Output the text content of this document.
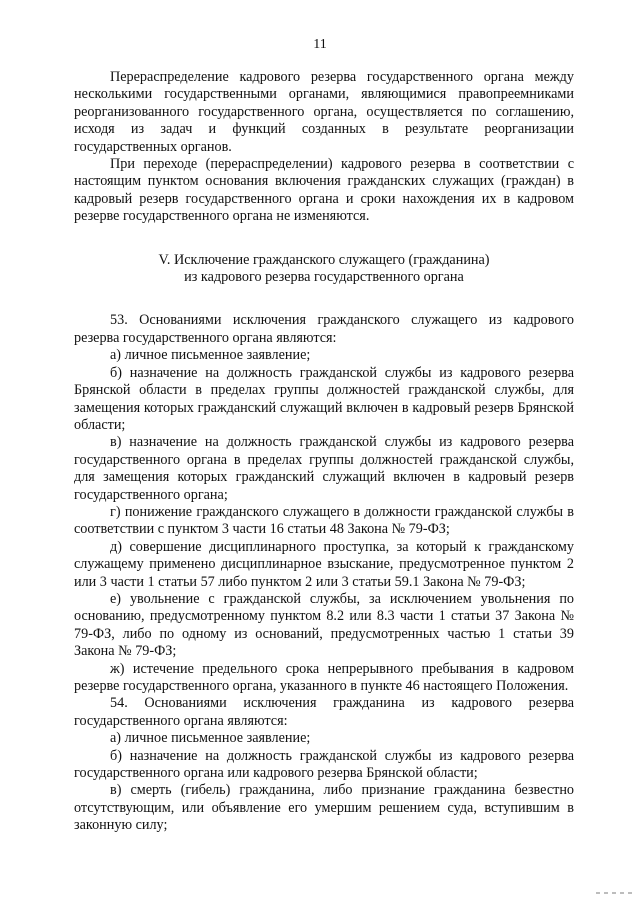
11

Перераспределение кадрового резерва государственного органа между несколькими государственными органами, являющимися правопреемниками реорганизованного государственного органа, осуществляется по соглашению, исходя из задач и функций созданных в результате реорганизации государственных органов.

При переходе (перераспределении) кадрового резерва в соответствии с настоящим пунктом основания включения гражданских служащих (граждан) в кадровый резерв государственного органа и сроки нахождения их в кадровом резерве государственного органа не изменяются.

V. Исключение гражданского служащего (гражданина)

из кадрового резерва государственного органа

53. Основаниями исключения гражданского служащего из кадрового резерва государственного органа являются:

а) личное письменное заявление;

б) назначение на должность гражданской службы из кадрового резерва Брянской области в пределах группы должностей гражданской службы, для замещения которых гражданский служащий включен в кадровый резерв Брянской области;

в) назначение на должность гражданской службы из кадрового резерва государственного органа в пределах группы должностей гражданской службы, для замещения которых гражданский служащий включен в кадровый резерв государственного органа;

г) понижение гражданского служащего в должности гражданской службы в соответствии с пунктом 3 части 16 статьи 48 Закона № 79-ФЗ;

д) совершение дисциплинарного проступка, за который к гражданскому служащему применено дисциплинарное взыскание, предусмотренное пунктом 2 или 3 части 1 статьи 57 либо пунктом 2 или 3 статьи 59.1 Закона № 79-ФЗ;

е) увольнение с гражданской службы, за исключением увольнения по основанию, предусмотренному пунктом 8.2 или 8.3 части 1 статьи 37 Закона № 79-ФЗ, либо по одному из оснований, предусмотренных частью 1 статьи 39 Закона № 79-ФЗ;

ж) истечение предельного срока непрерывного пребывания в кадровом резерве государственного органа, указанного в пункте 46 настоящего Положения.

54. Основаниями исключения гражданина из кадрового резерва государственного органа являются:

а) личное письменное заявление;

б) назначение на должность гражданской службы из кадрового резерва государственного органа или кадрового резерва Брянской области;

в) смерть (гибель) гражданина, либо признание гражданина безвестно отсутствующим, или объявление его умершим решением суда, вступившим в законную силу;
